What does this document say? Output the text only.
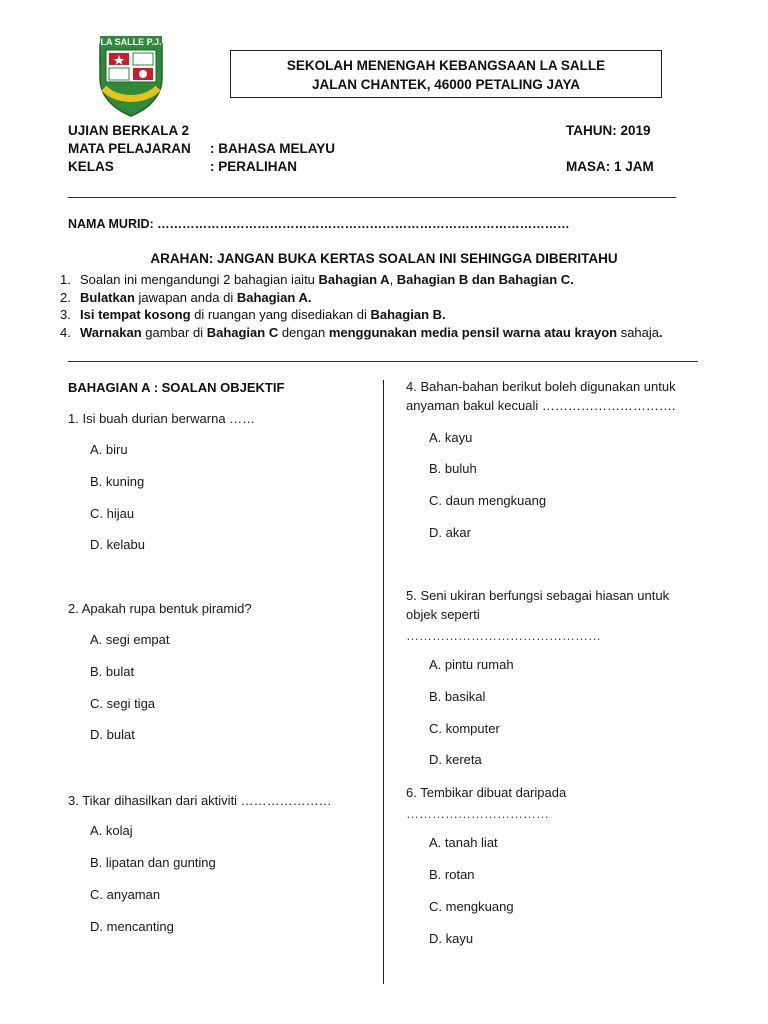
LA SALLE P.J.
SEKOLAH MENENGAH KEBANGSAAN LA SALLE
JALAN CHANTEK, 46000 PETALING JAYA
UJIAN BERKALA 2
MATA PELAJARAN : BAHASA MELAYU
KELAS	: PERALIHAN
TAHUN: 2019
MASA: 1 JAM
NAMA MURID: ………………………………………………………………………………………
ARAHAN: JANGAN BUKA KERTAS SOALAN INI SEHINGGA DIBERITAHU
1. Soalan ini mengandungi 2 bahagian iaitu Bahagian A, Bahagian B dan Bahagian C.
2. Bulatkan jawapan anda di Bahagian A.
3. Isi tempat kosong di ruangan yang disediakan di Bahagian B.
4. Warnakan gambar di Bahagian C dengan menggunakan media pensil warna atau krayon sahaja.
BAHAGIAN A : SOALAN OBJEKTIF
1. Isi buah durian berwarna ……
A. biru
B. kuning
C. hijau
D. kelabu
2. Apakah rupa bentuk piramid?
A. segi empat
B. bulat
C. segi tiga
D. bulat
3. Tikar dihasilkan dari aktiviti …………………
A. kolaj
B. lipatan dan gunting
C. anyaman
D. mencanting
4. Bahan-bahan berikut boleh digunakan untuk
anyaman bakul kecuali ………………………….
A. kayu
B. buluh
C. daun mengkuang
D. akar
5. Seni ukiran berfungsi sebagai hiasan untuk
objek seperti
………………………………………
A. pintu rumah
B. basikal
C. komputer
D. kereta
6. Tembikar dibuat daripada
……………………………
A. tanah liat
B. rotan
C. mengkuang
D. kayu
